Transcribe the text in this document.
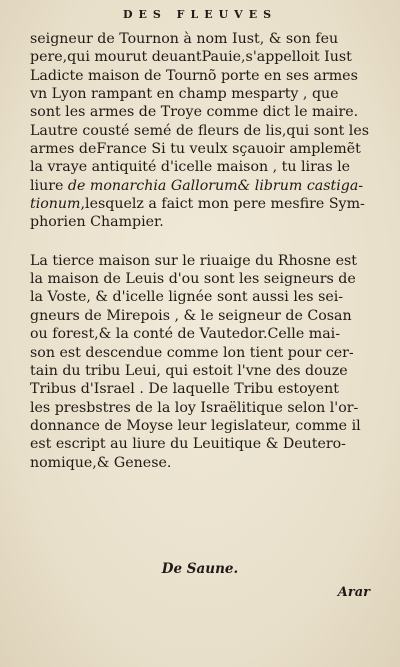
DES FLEUVES
seigneur de Tournon à nom Iust, & son feu
pere,qui mourut deuantPauie,s'appelloit Iust
Ladicte maison de Tournõ porte en ses armes
vn Lyon rampant en champ mesparty , que
sont les armes de Troye comme dict le maire.
Lautre cousté semé de fleurs de lis,qui sont les
armes deFrance Si tu veulx sçauoir amplemẽt
la vraye antiquité d'icelle maison , tu liras le
liure de monarchia Gallorum& librum castiga-
tionum,lesquelz a faict mon pere mesfire Sym-
phorien Champier.
La tierce maison sur le riuaige du Rhosne est
la maison de Leuis d'ou sont les seigneurs de
la Voste, & d'icelle lignée sont aussi les sei-
gneurs de Mirepois , & le seigneur de Cosan
ou forest,& la conté de Vautedor.Celle mai-
son est descendue comme lon tient pour cer-
tain du tribu Leui, qui estoit l'vne des douze
Tribus d'Israel . De laquelle Tribu estoyent
les presbstres de la loy Israëlitique selon l'or-
donnance de Moyse leur legislateur, comme il
est escript au liure du Leuitique & Deutero-
nomique,& Genese.
De Saune.
Arar
